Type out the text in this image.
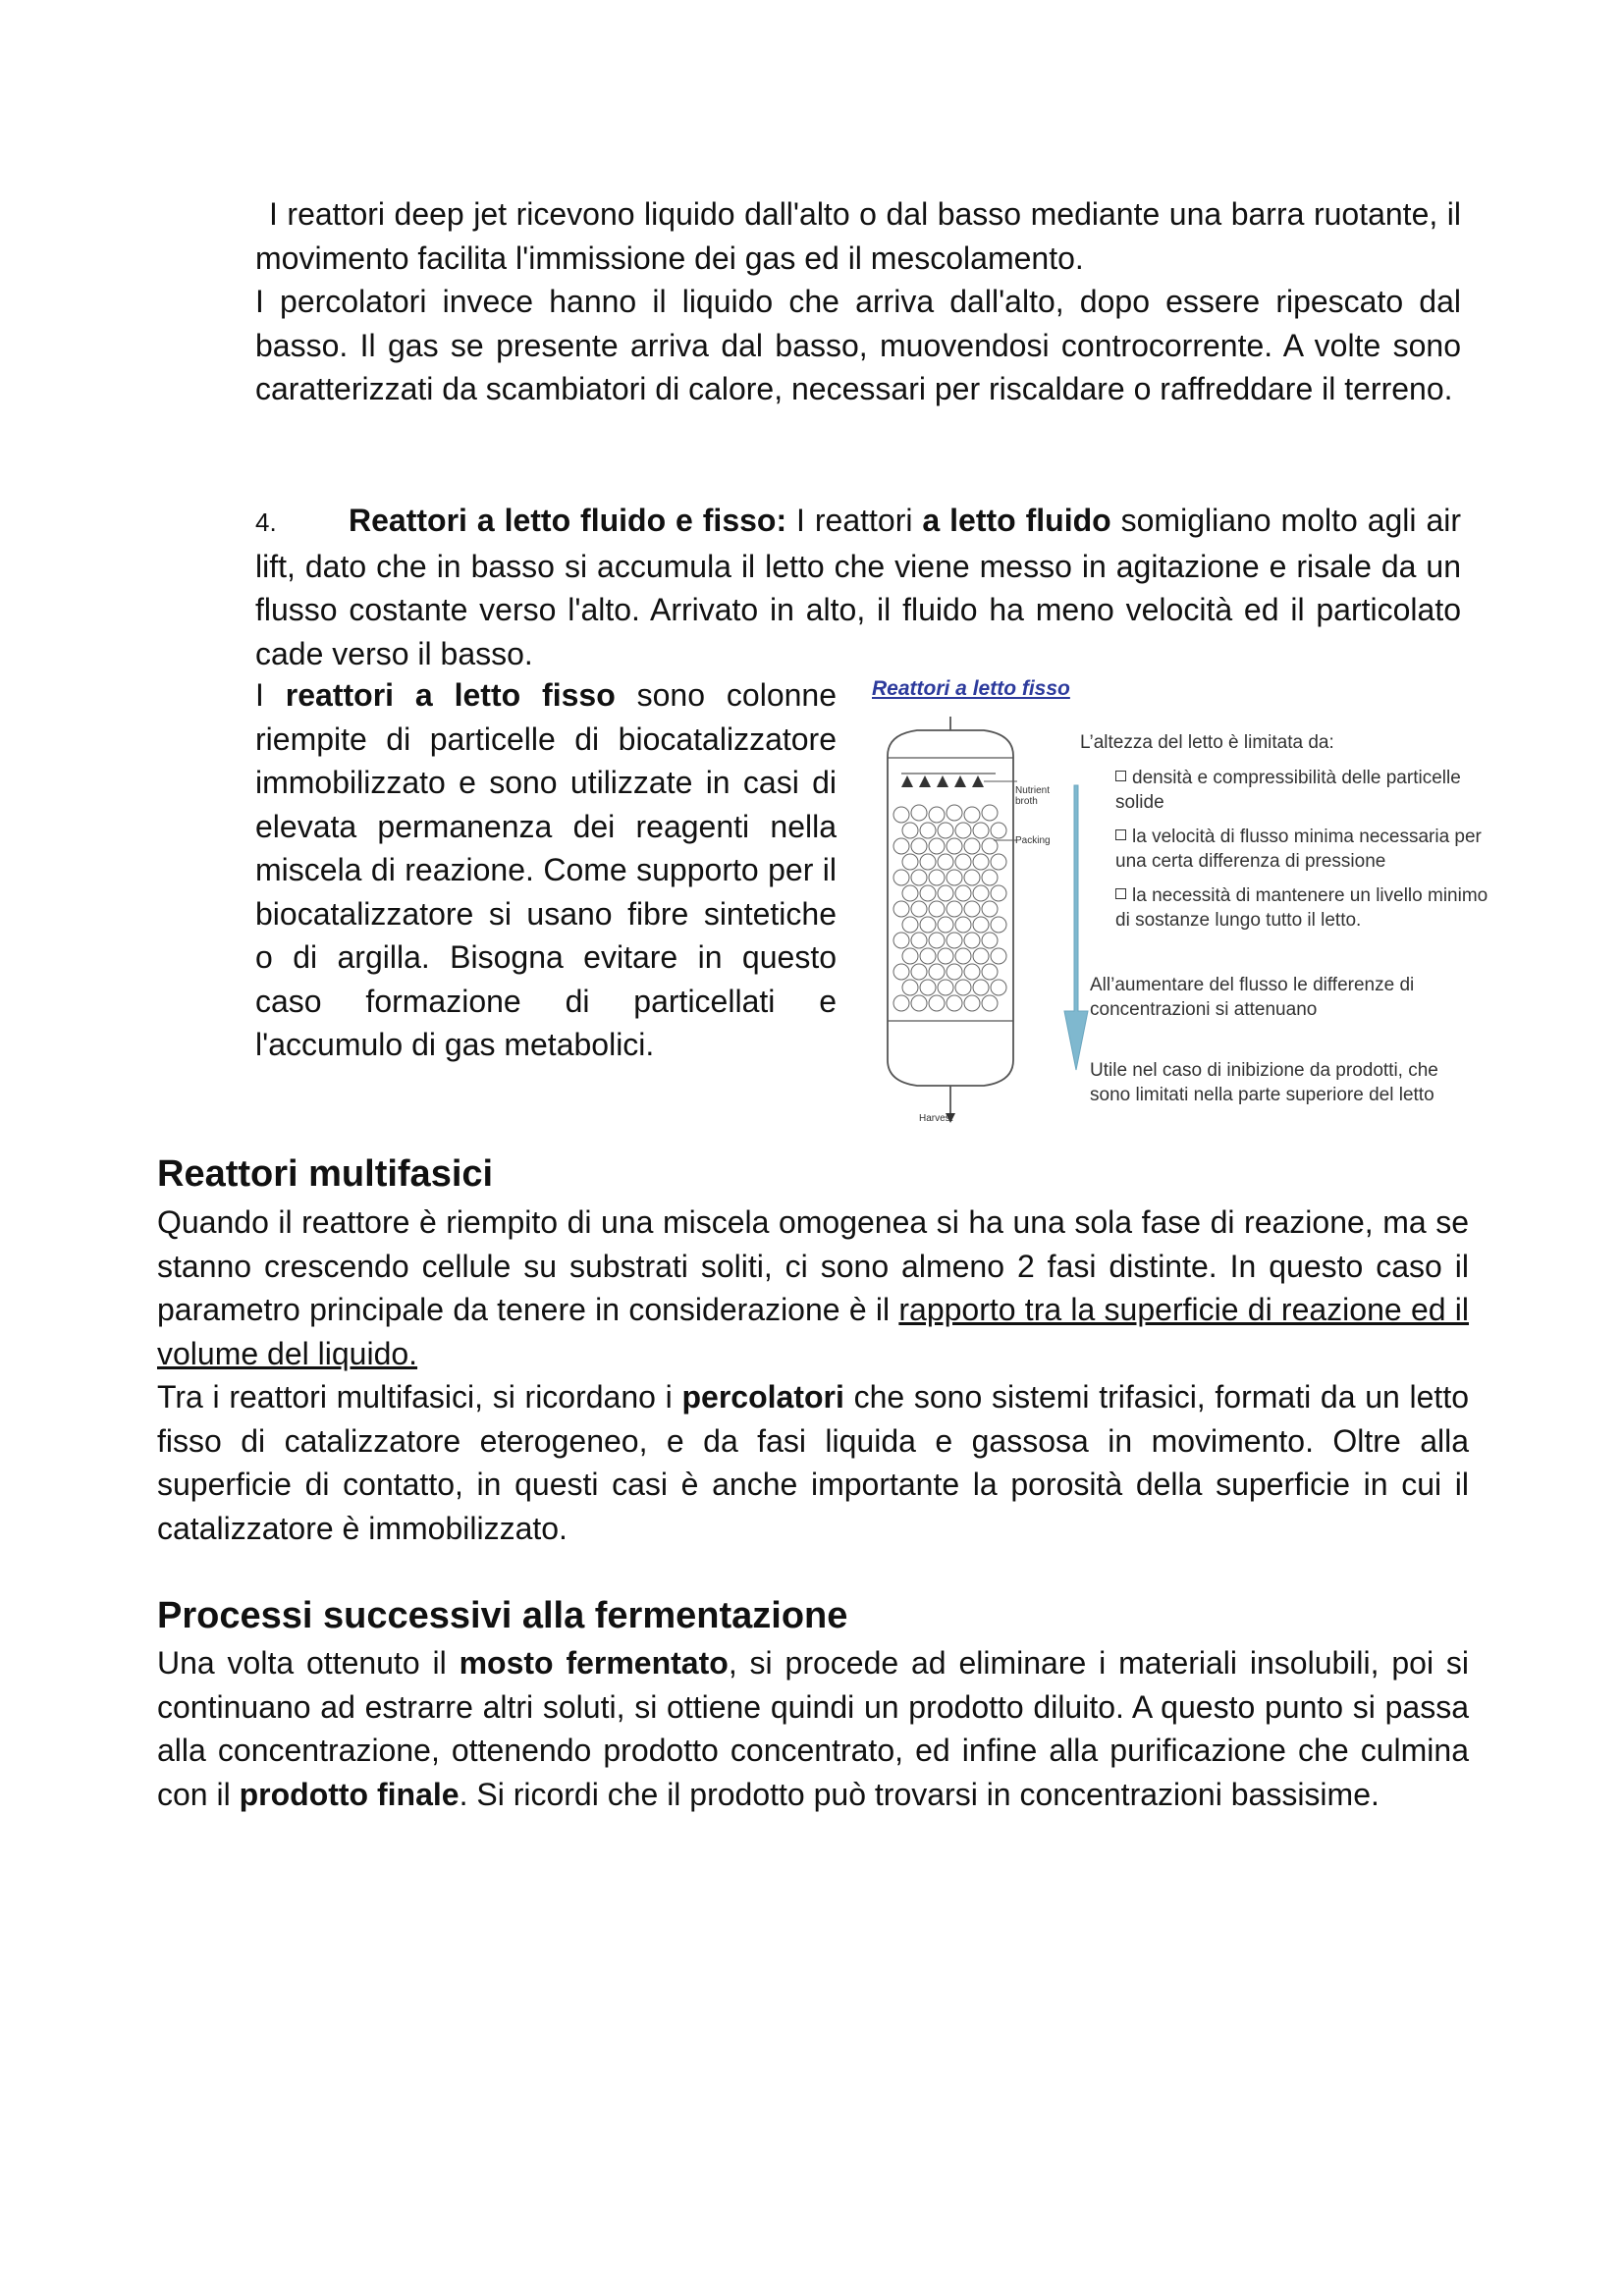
I reattori deep jet ricevono liquido dall'alto o dal basso mediante una barra ruotante, il movimento facilita l'immissione dei gas ed il mescolamento.

I percolatori invece hanno il liquido che arriva dall'alto, dopo essere ripescato dal basso. Il gas se presente arriva dal basso, muovendosi controcorrente. A volte sono caratterizzati da scambiatori di calore, necessari per riscaldare o raffreddare il terreno.

4. Reattori a letto fluido e fisso: I reattori a letto fluido somigliano molto agli air lift, dato che in basso si accumula il letto che viene messo in agitazione e risale da un flusso costante verso l'alto. Arrivato in alto, il fluido ha meno velocità ed il particolato cade verso il basso.

I reattori a letto fisso sono colonne riempite di particelle di biocatalizzatore immobilizzato e sono utilizzate in casi di elevata permanenza dei reagenti nella miscela di reazione. Come supporto per il biocatalizzatore si usano fibre sintetiche o di argilla. Bisogna evitare in questo caso formazione di particellati e l'accumulo di gas metabolici.

Reattori a letto fisso
Nutrient broth
Packing
Harvest
L’altezza del letto è limitata da:
densità e compressibilità delle particelle solide
la velocità di flusso minima necessaria per una certa differenza di pressione
la necessità di mantenere un livello minimo di sostanze lungo tutto il letto.
All’aumentare del flusso le differenze di concentrazioni si attenuano
Utile nel caso di inibizione da prodotti, che sono limitati nella parte superiore del letto
Reattori multifasici

Quando il reattore è riempito di una miscela omogenea si ha una sola fase di reazione, ma se stanno crescendo cellule su substrati soliti, ci sono almeno 2 fasi distinte. In questo caso il parametro principale da tenere in considerazione è il rapporto tra la superficie di reazione ed il volume del liquido.

Tra i reattori multifasici, si ricordano i percolatori che sono sistemi trifasici, formati da un letto fisso di catalizzatore eterogeneo, e da fasi liquida e gassosa in movimento. Oltre alla superficie di contatto, in questi casi è anche importante la porosità della superficie in cui il catalizzatore è immobilizzato.

Processi successivi alla fermentazione

Una volta ottenuto il mosto fermentato, si procede ad eliminare i materiali insolubili, poi si continuano ad estrarre altri soluti, si ottiene quindi un prodotto diluito. A questo punto si passa alla concentrazione, ottenendo prodotto concentrato, ed infine alla purificazione che culmina con il prodotto finale. Si ricordi che il prodotto può trovarsi in concentrazioni bassisime.
